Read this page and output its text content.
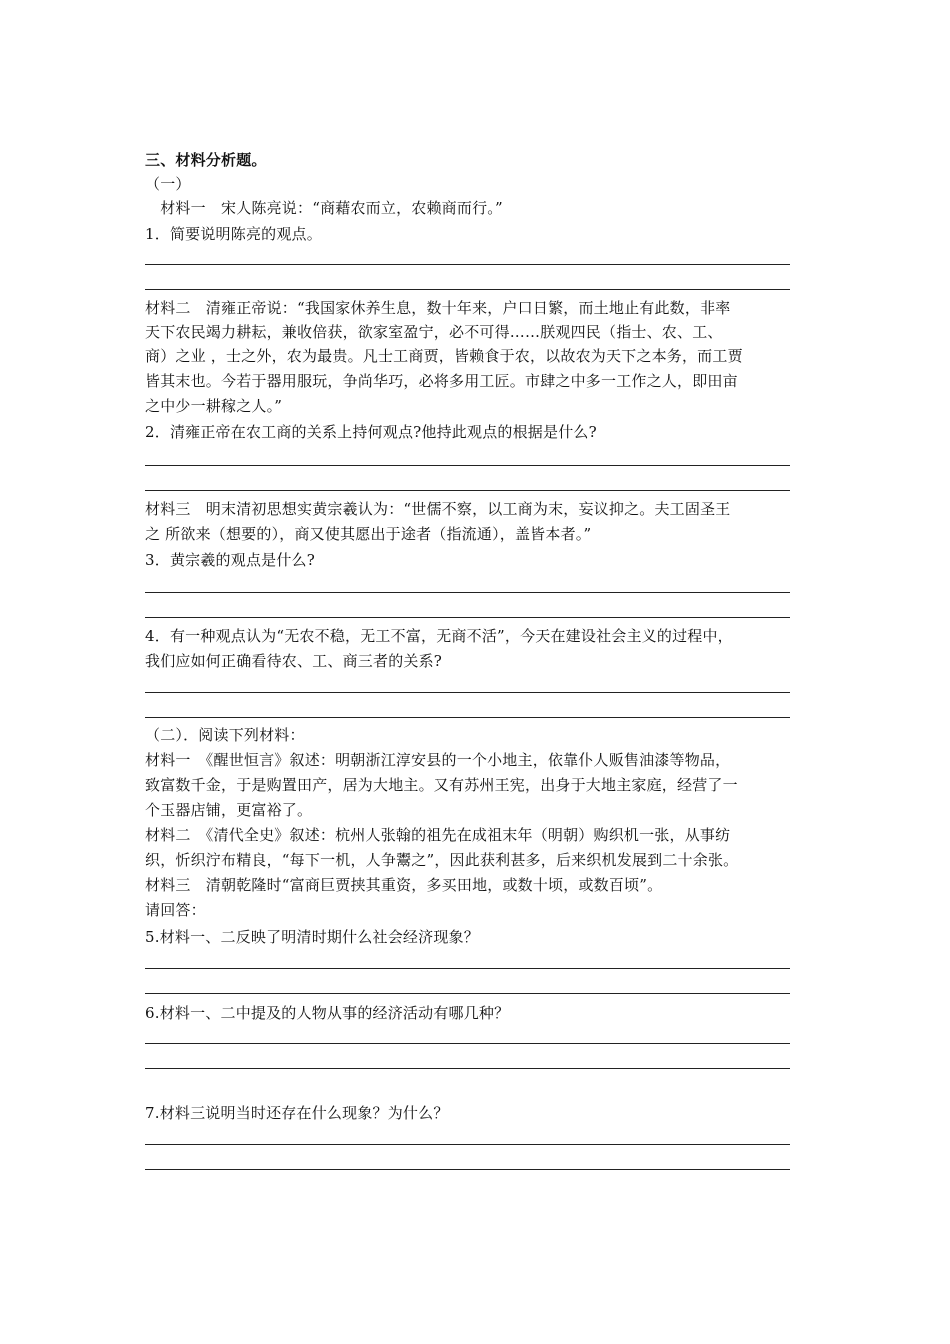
三、材料分析题。
（一）
　材料一　宋人陈亮说：“商藉农而立，农赖商而行。”
1．简要说明陈亮的观点。
材料二　清雍正帝说：“我国家休养生息，数十年来，户口日繁，而土地止有此数，非率
天下农民竭力耕耘，兼收倍获，欲家室盈宁，必不可得……朕观四民（指士、农、工、
商）之业 ，士之外，农为最贵。凡士工商贾，皆赖食于农，以故农为天下之本务，而工贾
皆其末也。今若于器用服玩，争尚华巧，必将多用工匠。市肆之中多一工作之人，即田亩
之中少一耕稼之人。”
2．清雍正帝在农工商的关系上持何观点?他持此观点的根据是什么?
材料三　明末清初思想实黄宗羲认为：“世儒不察，以工商为末，妄议抑之。夫工固圣王
之 所欲来（想要的），商又使其愿出于途者（指流通），盖皆本者。”
3．黄宗羲的观点是什么?
4．有一种观点认为“无农不稳，无工不富，无商不活”，今天在建设社会主义的过程中，
我们应如何正确看待农、工、商三者的关系?
（二）．阅读下列材料：
材料一　《醒世恒言》叙述：明朝浙江淳安县的一个小地主，依靠仆人贩售油漆等物品，
致富数千金，于是购置田产，居为大地主。又有苏州王宪，出身于大地主家庭，经营了一
个玉器店铺，更富裕了。
材料二　《清代全史》叙述：杭州人张翰的祖先在成祖末年（明朝）购织机一张，从事纺
织，忻织泞布精良，“每下一机，人争鬻之”，因此获利甚多，后来织机发展到二十余张。
材料三　清朝乾隆时“富商巨贾挟其重资，多买田地，或数十顷，或数百顷”。
请回答：
5.材料一、二反映了明清时期什么社会经济现象？
6.材料一、二中提及的人物从事的经济活动有哪几种？
7.材料三说明当时还存在什么现象？为什么？
